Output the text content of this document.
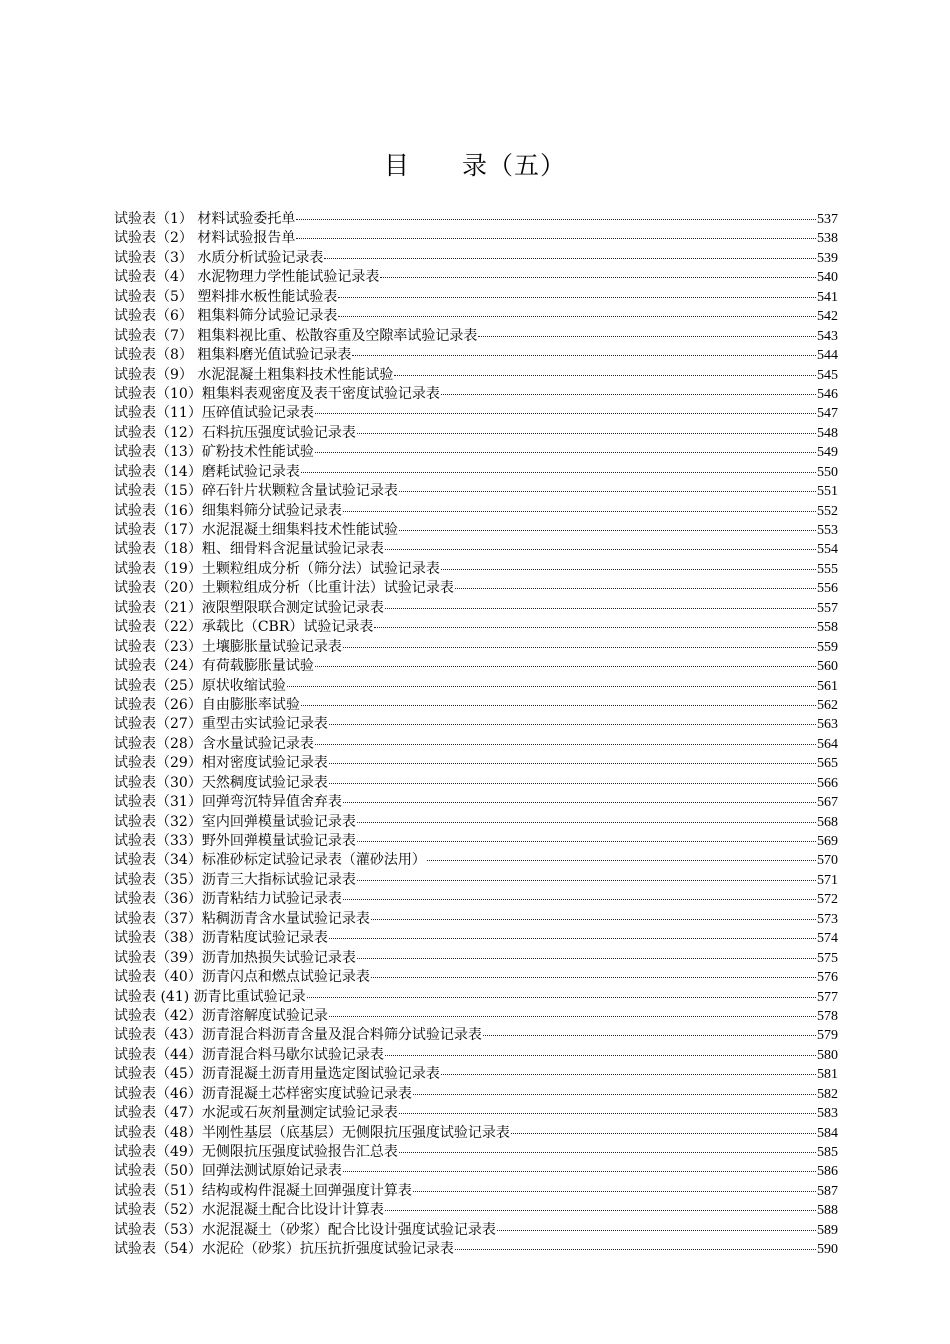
目 录（五）
试验表（1） 材料试验委托单	537
试验表（2） 材料试验报告单	538
试验表（3） 水质分析试验记录表	539
试验表（4） 水泥物理力学性能试验记录表	540
试验表（5） 塑料排水板性能试验表	541
试验表（6） 粗集料筛分试验记录表	542
试验表（7） 粗集料视比重、松散容重及空隙率试验记录表	543
试验表（8） 粗集料磨光值试验记录表	544
试验表（9） 水泥混凝土粗集料技术性能试验	545
试验表（10）粗集料表观密度及表干密度试验记录表	546
试验表（11）压碎值试验记录表	547
试验表（12）石料抗压强度试验记录表	548
试验表（13）矿粉技术性能试验	549
试验表（14）磨耗试验记录表	550
试验表（15）碎石针片状颗粒含量试验记录表	551
试验表（16）细集料筛分试验记录表	552
试验表（17）水泥混凝土细集料技术性能试验	553
试验表（18）粗、细骨料含泥量试验记录表	554
试验表（19）土颗粒组成分析（筛分法）试验记录表	555
试验表（20）土颗粒组成分析（比重计法）试验记录表	556
试验表（21）液限塑限联合测定试验记录表	557
试验表（22）承载比（CBR）试验记录表	558
试验表（23）土壤膨胀量试验记录表	559
试验表（24）有荷载膨胀量试验	560
试验表（25）原状收缩试验	561
试验表（26）自由膨胀率试验	562
试验表（27）重型击实试验记录表	563
试验表（28）含水量试验记录表	564
试验表（29）相对密度试验记录表	565
试验表（30）天然稠度试验记录表	566
试验表（31）回弹弯沉特异值舍弃表	567
试验表（32）室内回弹模量试验记录表	568
试验表（33）野外回弹模量试验记录表	569
试验表（34）标准砂标定试验记录表（灌砂法用）	570
试验表（35）沥青三大指标试验记录表	571
试验表（36）沥青粘结力试验记录表	572
试验表（37）粘稠沥青含水量试验记录表	573
试验表（38）沥青粘度试验记录表	574
试验表（39）沥青加热损失试验记录表	575
试验表（40）沥青闪点和燃点试验记录表	576
试验表 (41) 沥青比重试验记录	577
试验表（42）沥青溶解度试验记录	578
试验表（43）沥青混合料沥青含量及混合料筛分试验记录表	579
试验表（44）沥青混合料马歇尔试验记录表	580
试验表（45）沥青混凝土沥青用量选定图试验记录表	581
试验表（46）沥青混凝土芯样密实度试验记录表	582
试验表（47）水泥或石灰剂量测定试验记录表	583
试验表（48）半刚性基层（底基层）无侧限抗压强度试验记录表	584
试验表（49）无侧限抗压强度试验报告汇总表	585
试验表（50）回弹法测试原始记录表	586
试验表（51）结构或构件混凝土回弹强度计算表	587
试验表（52）水泥混凝土配合比设计计算表	588
试验表（53）水泥混凝土（砂浆）配合比设计强度试验记录表	589
试验表（54）水泥砼（砂浆）抗压抗折强度试验记录表	590
